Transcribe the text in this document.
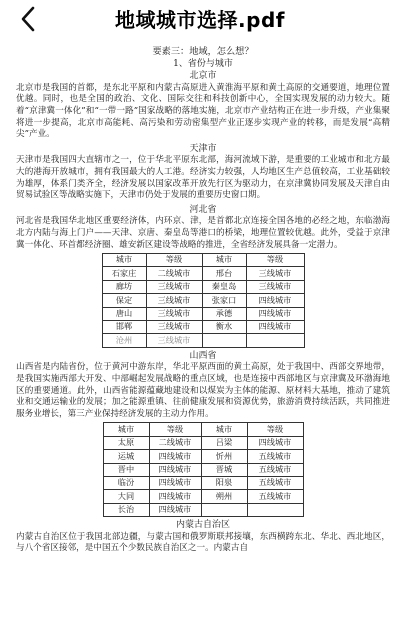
地域城市选择.pdf
要素三：地域，怎么想？
1、省份与城市
北京市
北京市是我国的首都，是东北平原和内蒙古高原进入黄淮海平原和黄土高原的交通要道，地理位置优越。同时，也是全国的政治、文化、国际交往和科技创新中心，全国实现发展的动力较大。随着“京津冀一体化”和“一带一路”国家战略的落地实施，北京市产业结构正在进一步升级，产业集聚将进一步提高，北京市高能耗、高污染和劳动密集型产业正逐步实现产业的转移，而是发展“高精尖”产业。
天津市
天津市是我国四大直辖市之一，位于华北平原东北部，海河流域下游，是重要的工业城市和北方最大的港海开放城市，拥有我国最大的人工港。经济实力较强，人均地区生产总值较高，工业基础较为雄厚，体系门类齐全，经济发展以国家改革开放先行区为驱动力，在京津冀协同发展及天津自由贸易试验区等战略实施下，天津市仍处于发展的重要历史窗口期。
河北省
河北省是我国华北地区重要经济体，内环京、津，是首都北京连接全国各地的必经之地，东临渤海北方内陆与海上门户——天津、京唐、秦皇岛等港口的桥梁，地理位置较优越。此外，受益于京津冀一体化、环首都经济圈、雄安新区建设等战略的推进，全省经济发展具备一定潜力。
城市	等级	城市	等级
石家庄	二线城市	邢台	三线城市
廊坊	三线城市	秦皇岛	三线城市
保定	三线城市	张家口	四线城市
唐山	三线城市	承德	四线城市
邯郸	三线城市	衡水	四线城市
沧州	三线城市		
山西省
山西省是内陆省份，位于黄河中游东岸，华北平原西面的黄土高原，处于我国中、西部交界地带，是我国实施西部大开发、中部崛起发展战略的重点区域，也是连接中西部地区与京津冀及环渤海地区的重要通道。此外，山西省能源蕴藏地建设和以煤炭为主体的能源、原材料大基地，推动了建筑业和交通运输业的发展；加之能源重镇、往前健康发展和资源优势，旅游消费持续活跃，共同推进服务业增长，第三产业保持经济发展的主动力作用。
城市	等级	城市	等级
太原	二线城市	吕梁	四线城市
运城	四线城市	忻州	五线城市
晋中	四线城市	晋城	五线城市
临汾	四线城市	阳泉	五线城市
大同	四线城市	朔州	五线城市
长治	四线城市		
内蒙古自治区
内蒙古自治区位于我国北部边疆，与蒙古国和俄罗斯联邦接壤，东西横跨东北、华北、西北地区，与八个省区接邻，是中国五个少数民族自治区之一。内蒙古自
